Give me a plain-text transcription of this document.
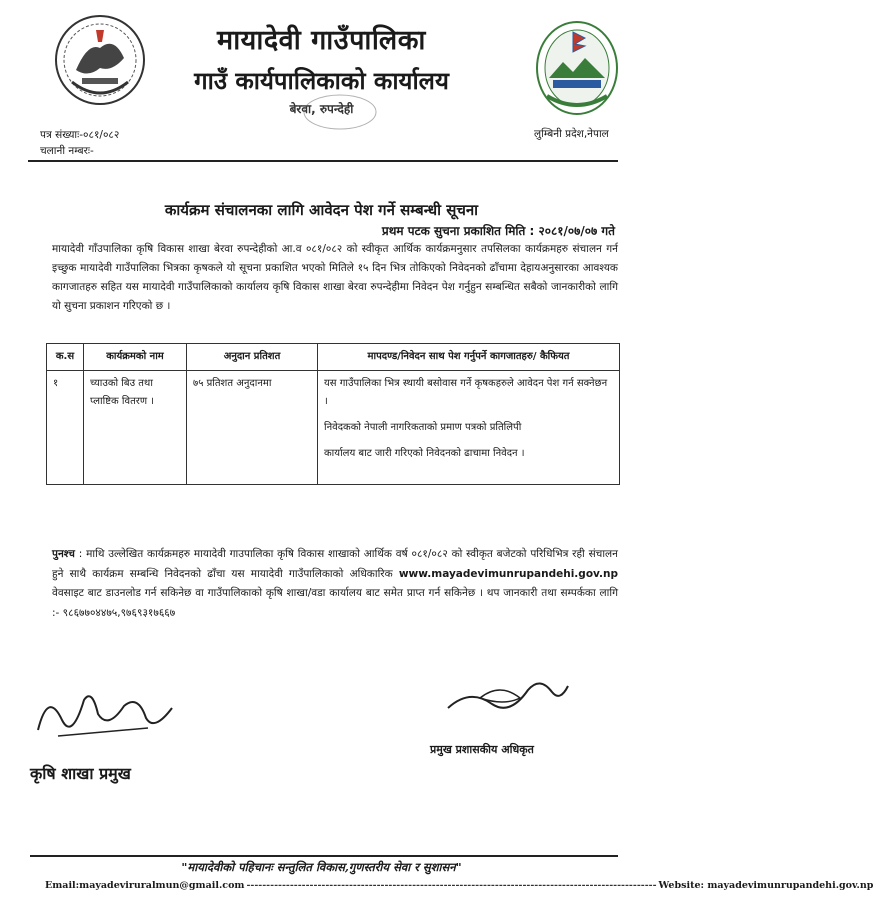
मायादेवी गाउँपालिका
गाउँ कार्यपालिकाको कार्यालय
बेरवा, रुपन्देही
पत्र संख्याः-०८१/०८२
चलानी नम्बरः-
लुम्बिनी प्रदेश,नेपाल
कार्यक्रम संचालनका लागि आवेदन पेश गर्ने सम्बन्धी सूचना
प्रथम पटक सुचना प्रकाशित मिति : २०८१/०७/०७ गते
मायादेवी गाँउपालिका कृषि विकास शाखा बेरवा रुपन्देहीको आ.व ०८१/०८२ को स्वीकृत आर्थिक कार्यक्रमनुसार तपसिलका कार्यक्रमहरु संचालन गर्न इच्छुक मायादेवी गाउँपालिका भित्रका कृषकले यो सूचना प्रकाशित भएको मितिले १५ दिन भित्र तोकिएको निवेदनको ढाँचामा देहायअनुसारका आवश्यक कागजातहरु सहित यस मायादेवी गाउँपालिकाको कार्यालय कृषि विकास शाखा बेरवा रुपन्देहीमा निवेदन पेश गर्नुहुन सम्बन्धित सबैको जानकारीको लागि यो सुचना प्रकाशन गरिएको छ ।
क.स	कार्यक्रमको नाम	अनुदान प्रतिशत	मापदण्ड/निवेदन साथ पेश गर्नुपर्ने कागजातहरु/ कैफियत
१	च्याउको बिउ तथा प्लाष्टिक वितरण ।	७५ प्रतिशत अनुदानमा	यस गाउँपालिका भित्र स्थायी बसोवास गर्ने कृषकहरुले आवेदन पेश गर्न सक्नेछन ।

निवेदकको नेपाली नागरिकताको प्रमाण पत्रको प्रतिलिपी

कार्यालय बाट जारी गरिएको निवेदनको ढाचामा निवेदन ।

पुनश्च : माथि उल्लेखित कार्यक्रमहरु मायादेवी गाउपालिका कृषि विकास शाखाको आर्थिक वर्ष ०८१/०८२ को स्वीकृत बजेटको परिधिभित्र रही संचालन हुने साथै कार्यक्रम सम्बन्धि निवेदनको ढाँचा यस मायादेवी गाउँपालिकाको अधिकारिक www.mayadevimunrupandehi.gov.np वेवसाइट बाट डाउनलोड गर्न सकिनेछ वा गाउँपालिकाको कृषि शाखा/वडा कार्यालय बाट समेत प्राप्त गर्न सकिनेछ । थप जानकारी तथा सम्पर्कका लागि :- ९८६७७०४४७५,९७६९३१७६६७
कृषि शाखा प्रमुख
प्रमुख प्रशासकीय अधिकृत
"मायादेवीको पहिचानः सन्तुलित विकास,गुणस्तरीय सेवा र सुशासन"
Email:mayadeviruralmun@gmail.com -------------------------------------------------------------------------------------------------------- Website: mayadevimunrupandehi.gov.np
